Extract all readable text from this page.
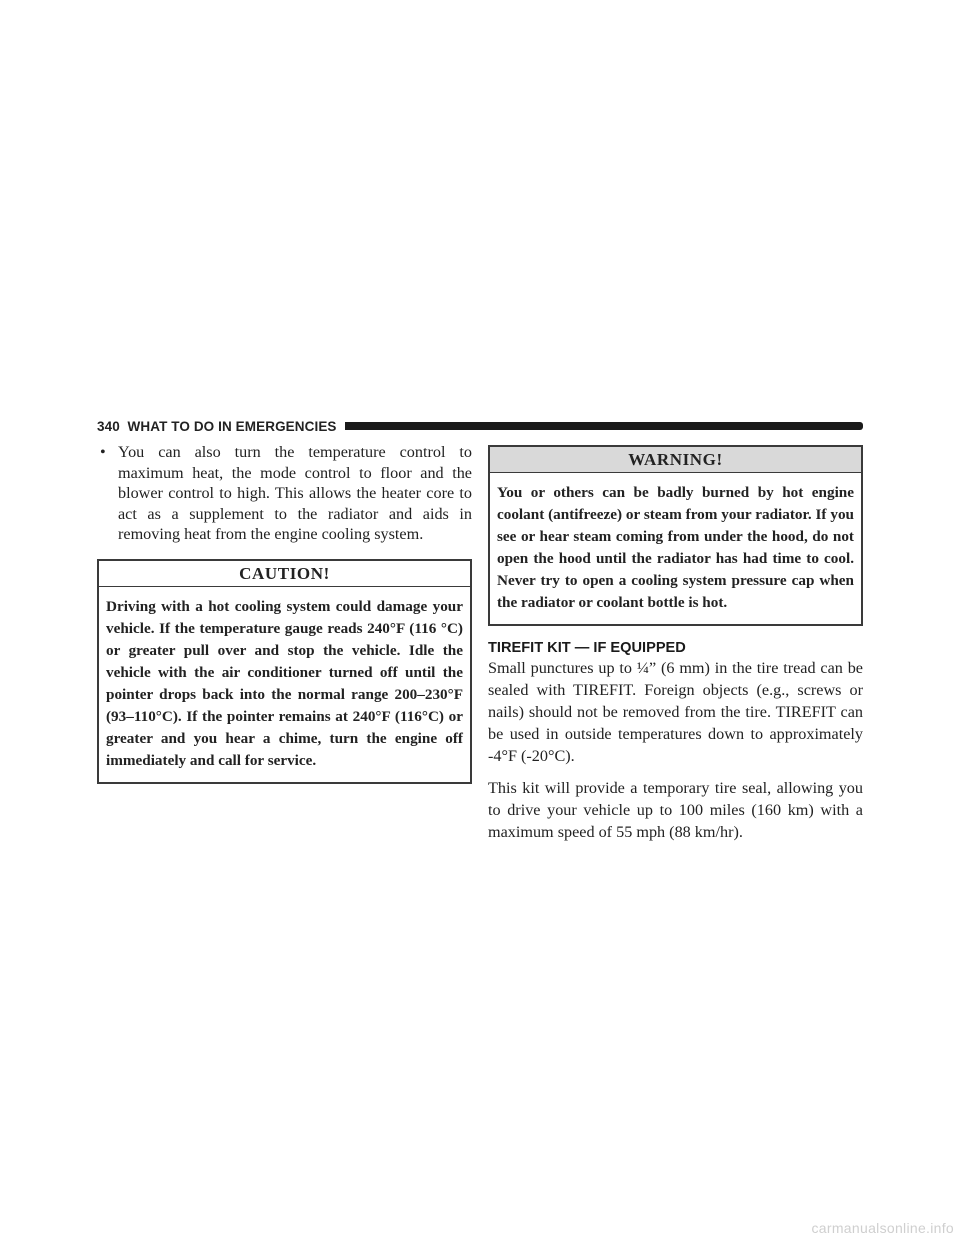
340 WHAT TO DO IN EMERGENCIES
• You can also turn the temperature control to maximum heat, the mode control to floor and the blower control to high. This allows the heater core to act as a supplement to the radiator and aids in removing heat from the engine cooling system.
CAUTION!
Driving with a hot cooling system could damage your vehicle. If the temperature gauge reads 240°F (116 °C) or greater pull over and stop the vehicle. Idle the vehicle with the air conditioner turned off until the pointer drops back into the normal range 200–230°F (93–110°C). If the pointer remains at 240°F (116°C) or greater and you hear a chime, turn the engine off immediately and call for service.
WARNING!
You or others can be badly burned by hot engine coolant (antifreeze) or steam from your radiator. If you see or hear steam coming from under the hood, do not open the hood until the radiator has had time to cool. Never try to open a cooling system pressure cap when the radiator or coolant bottle is hot.
TIREFIT KIT — IF EQUIPPED

Small punctures up to ¼” (6 mm) in the tire tread can be sealed with TIREFIT. Foreign objects (e.g., screws or nails) should not be removed from the tire. TIREFIT can be used in outside temperatures down to approximately -4°F (-20°C).

This kit will provide a temporary tire seal, allowing you to drive your vehicle up to 100 miles (160 km) with a maximum speed of 55 mph (88 km/hr).

carmanualsonline.info
